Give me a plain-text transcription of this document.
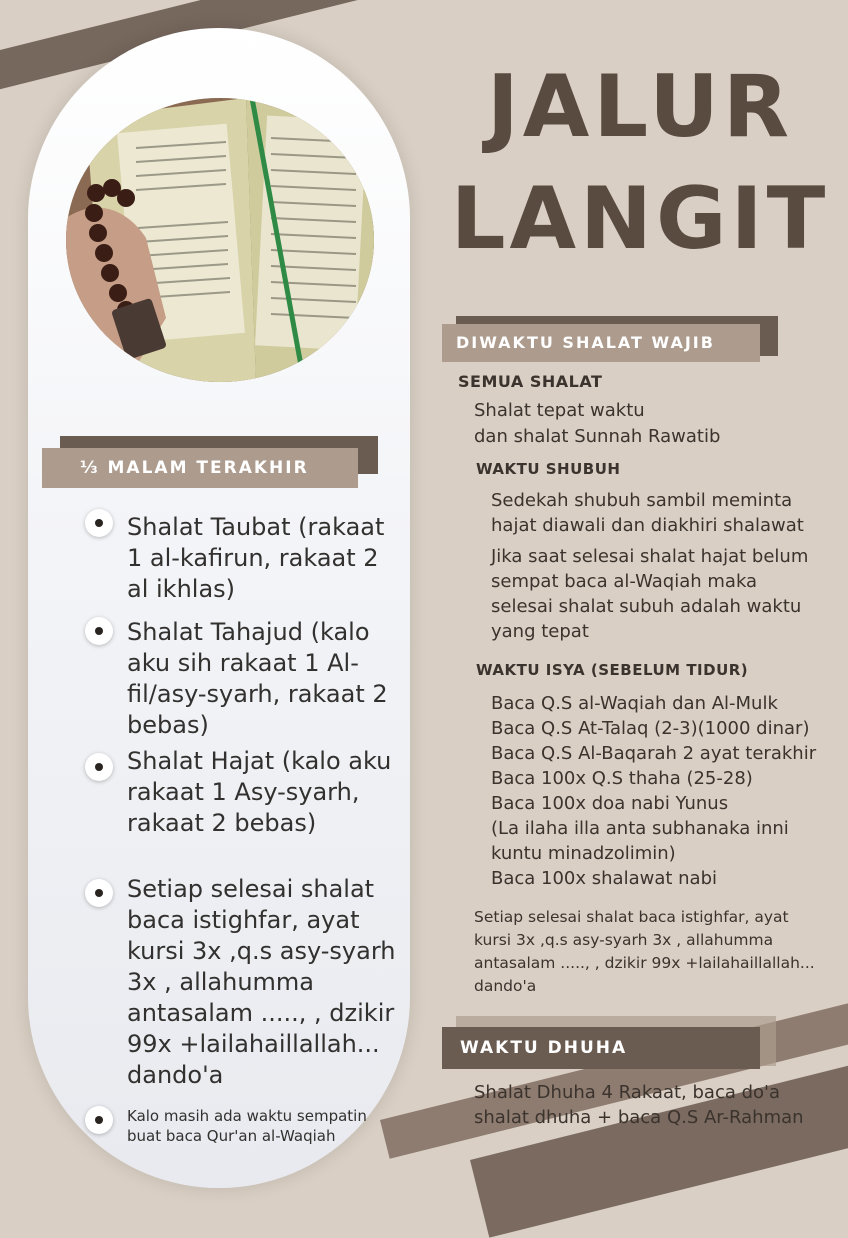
⅓ MALAM TERAKHIR
Shalat Taubat (rakaat 1 al-kafirun, rakaat 2 al ikhlas)
Shalat Tahajud (kalo aku sih rakaat 1 Al-fil/asy-syarh, rakaat 2 bebas)
Shalat Hajat (kalo aku rakaat 1 Asy-syarh, rakaat 2 bebas)
Setiap selesai shalat baca istighfar, ayat kursi 3x ,q.s asy-syarh 3x , allahumma antasalam ....., , dzikir 99x +lailahaillallah... dando'a
Kalo masih ada waktu sempatin buat baca Qur'an al-Waqiah
JALUR
LANGIT
DIWAKTU SHALAT WAJIB
SEMUA SHALAT
Shalat tepat waktu
dan shalat Sunnah Rawatib
WAKTU SHUBUH
Sedekah shubuh sambil meminta
hajat diawali dan diakhiri shalawat
Jika saat selesai shalat hajat belum
sempat baca al-Waqiah maka
selesai shalat subuh adalah waktu
yang tepat
WAKTU ISYA (SEBELUM TIDUR)
Baca Q.S al-Waqiah dan Al-Mulk
Baca Q.S At-Talaq (2-3)(1000 dinar)
Baca Q.S Al-Baqarah 2 ayat terakhir
Baca 100x Q.S thaha (25-28)
Baca 100x doa nabi Yunus
(La ilaha illa anta subhanaka inni
kuntu minadzolimin)
Baca 100x shalawat nabi
Setiap selesai shalat baca istighfar, ayat
kursi 3x ,q.s asy-syarh 3x , allahumma
antasalam ....., , dzikir 99x +lailahaillallah...
dando'a
WAKTU DHUHA
Shalat Dhuha 4 Rakaat, baca do'a
shalat dhuha + baca Q.S Ar-Rahman
